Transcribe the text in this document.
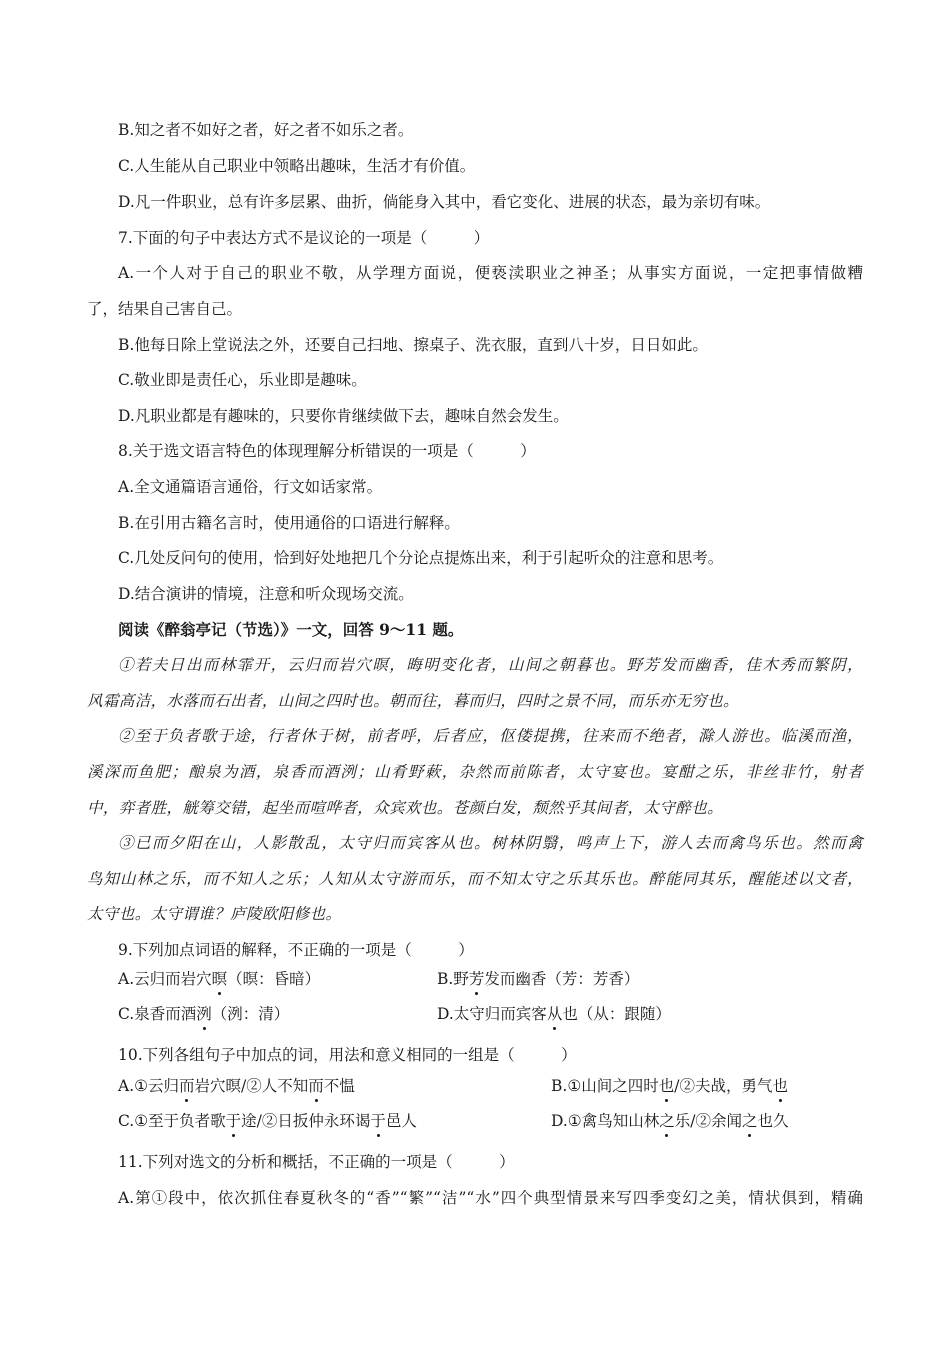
B.知之者不如好之者，好之者不如乐之者。
C.人生能从自己职业中领略出趣味，生活才有价值。
D.凡一件职业，总有许多层累、曲折，倘能身入其中，看它变化、进展的状态，最为亲切有味。
7.下面的句子中表达方式不是议论的一项是（　　　）
A.一个人对于自己的职业不敬，从学理方面说，便亵渎职业之神圣；从事实方面说，一定把事情做糟
了，结果自己害自己。
B.他每日除上堂说法之外，还要自己扫地、擦桌子、洗衣服，直到八十岁，日日如此。
C.敬业即是责任心，乐业即是趣味。
D.凡职业都是有趣味的，只要你肯继续做下去，趣味自然会发生。
8.关于选文语言特色的体现理解分析错误的一项是（　　　）
A.全文通篇语言通俗，行文如话家常。
B.在引用古籍名言时，使用通俗的口语进行解释。
C.几处反问句的使用，恰到好处地把几个分论点提炼出来，利于引起听众的注意和思考。
D.结合演讲的情境，注意和听众现场交流。
阅读《醉翁亭记（节选）》一文，回答 9～11 题。
①若夫日出而林霏开，云归而岩穴暝，晦明变化者，山间之朝暮也。野芳发而幽香，佳木秀而繁阴，
风霜高洁，水落而石出者，山间之四时也。朝而往，暮而归，四时之景不同，而乐亦无穷也。
②至于负者歌于途，行者休于树，前者呼，后者应，伛偻提携，往来而不绝者，滁人游也。临溪而渔，
溪深而鱼肥；酿泉为酒，泉香而酒洌；山肴野蔌，杂然而前陈者，太守宴也。宴酣之乐，非丝非竹，射者
中，弈者胜，觥筹交错，起坐而喧哗者，众宾欢也。苍颜白发，颓然乎其间者，太守醉也。
③已而夕阳在山，人影散乱，太守归而宾客从也。树林阴翳，鸣声上下，游人去而禽鸟乐也。然而禽
鸟知山林之乐，而不知人之乐；人知从太守游而乐，而不知太守之乐其乐也。醉能同其乐，醒能述以文者，
太守也。太守谓谁？庐陵欧阳修也。
9.下列加点词语的解释，不正确的一项是（　　　）
A.云归而岩穴暝（暝：昏暗）	B.野芳发而幽香（芳：芳香）
C.泉香而酒洌（洌：清）	D.太守归而宾客从也（从：跟随）
10.下列各组句子中加点的词，用法和意义相同的一组是（　　　）
A.①云归而岩穴暝/②人不知而不愠	B.①山间之四时也/②夫战，勇气也
C.①至于负者歌于途/②日扳仲永环谒于邑人	D.①禽鸟知山林之乐/②余闻之也久
11.下列对选文的分析和概括，不正确的一项是（　　　）
A.第①段中，依次抓住春夏秋冬的“香”“繁”“洁”“水”四个典型情景来写四季变幻之美，情状俱到，精确
